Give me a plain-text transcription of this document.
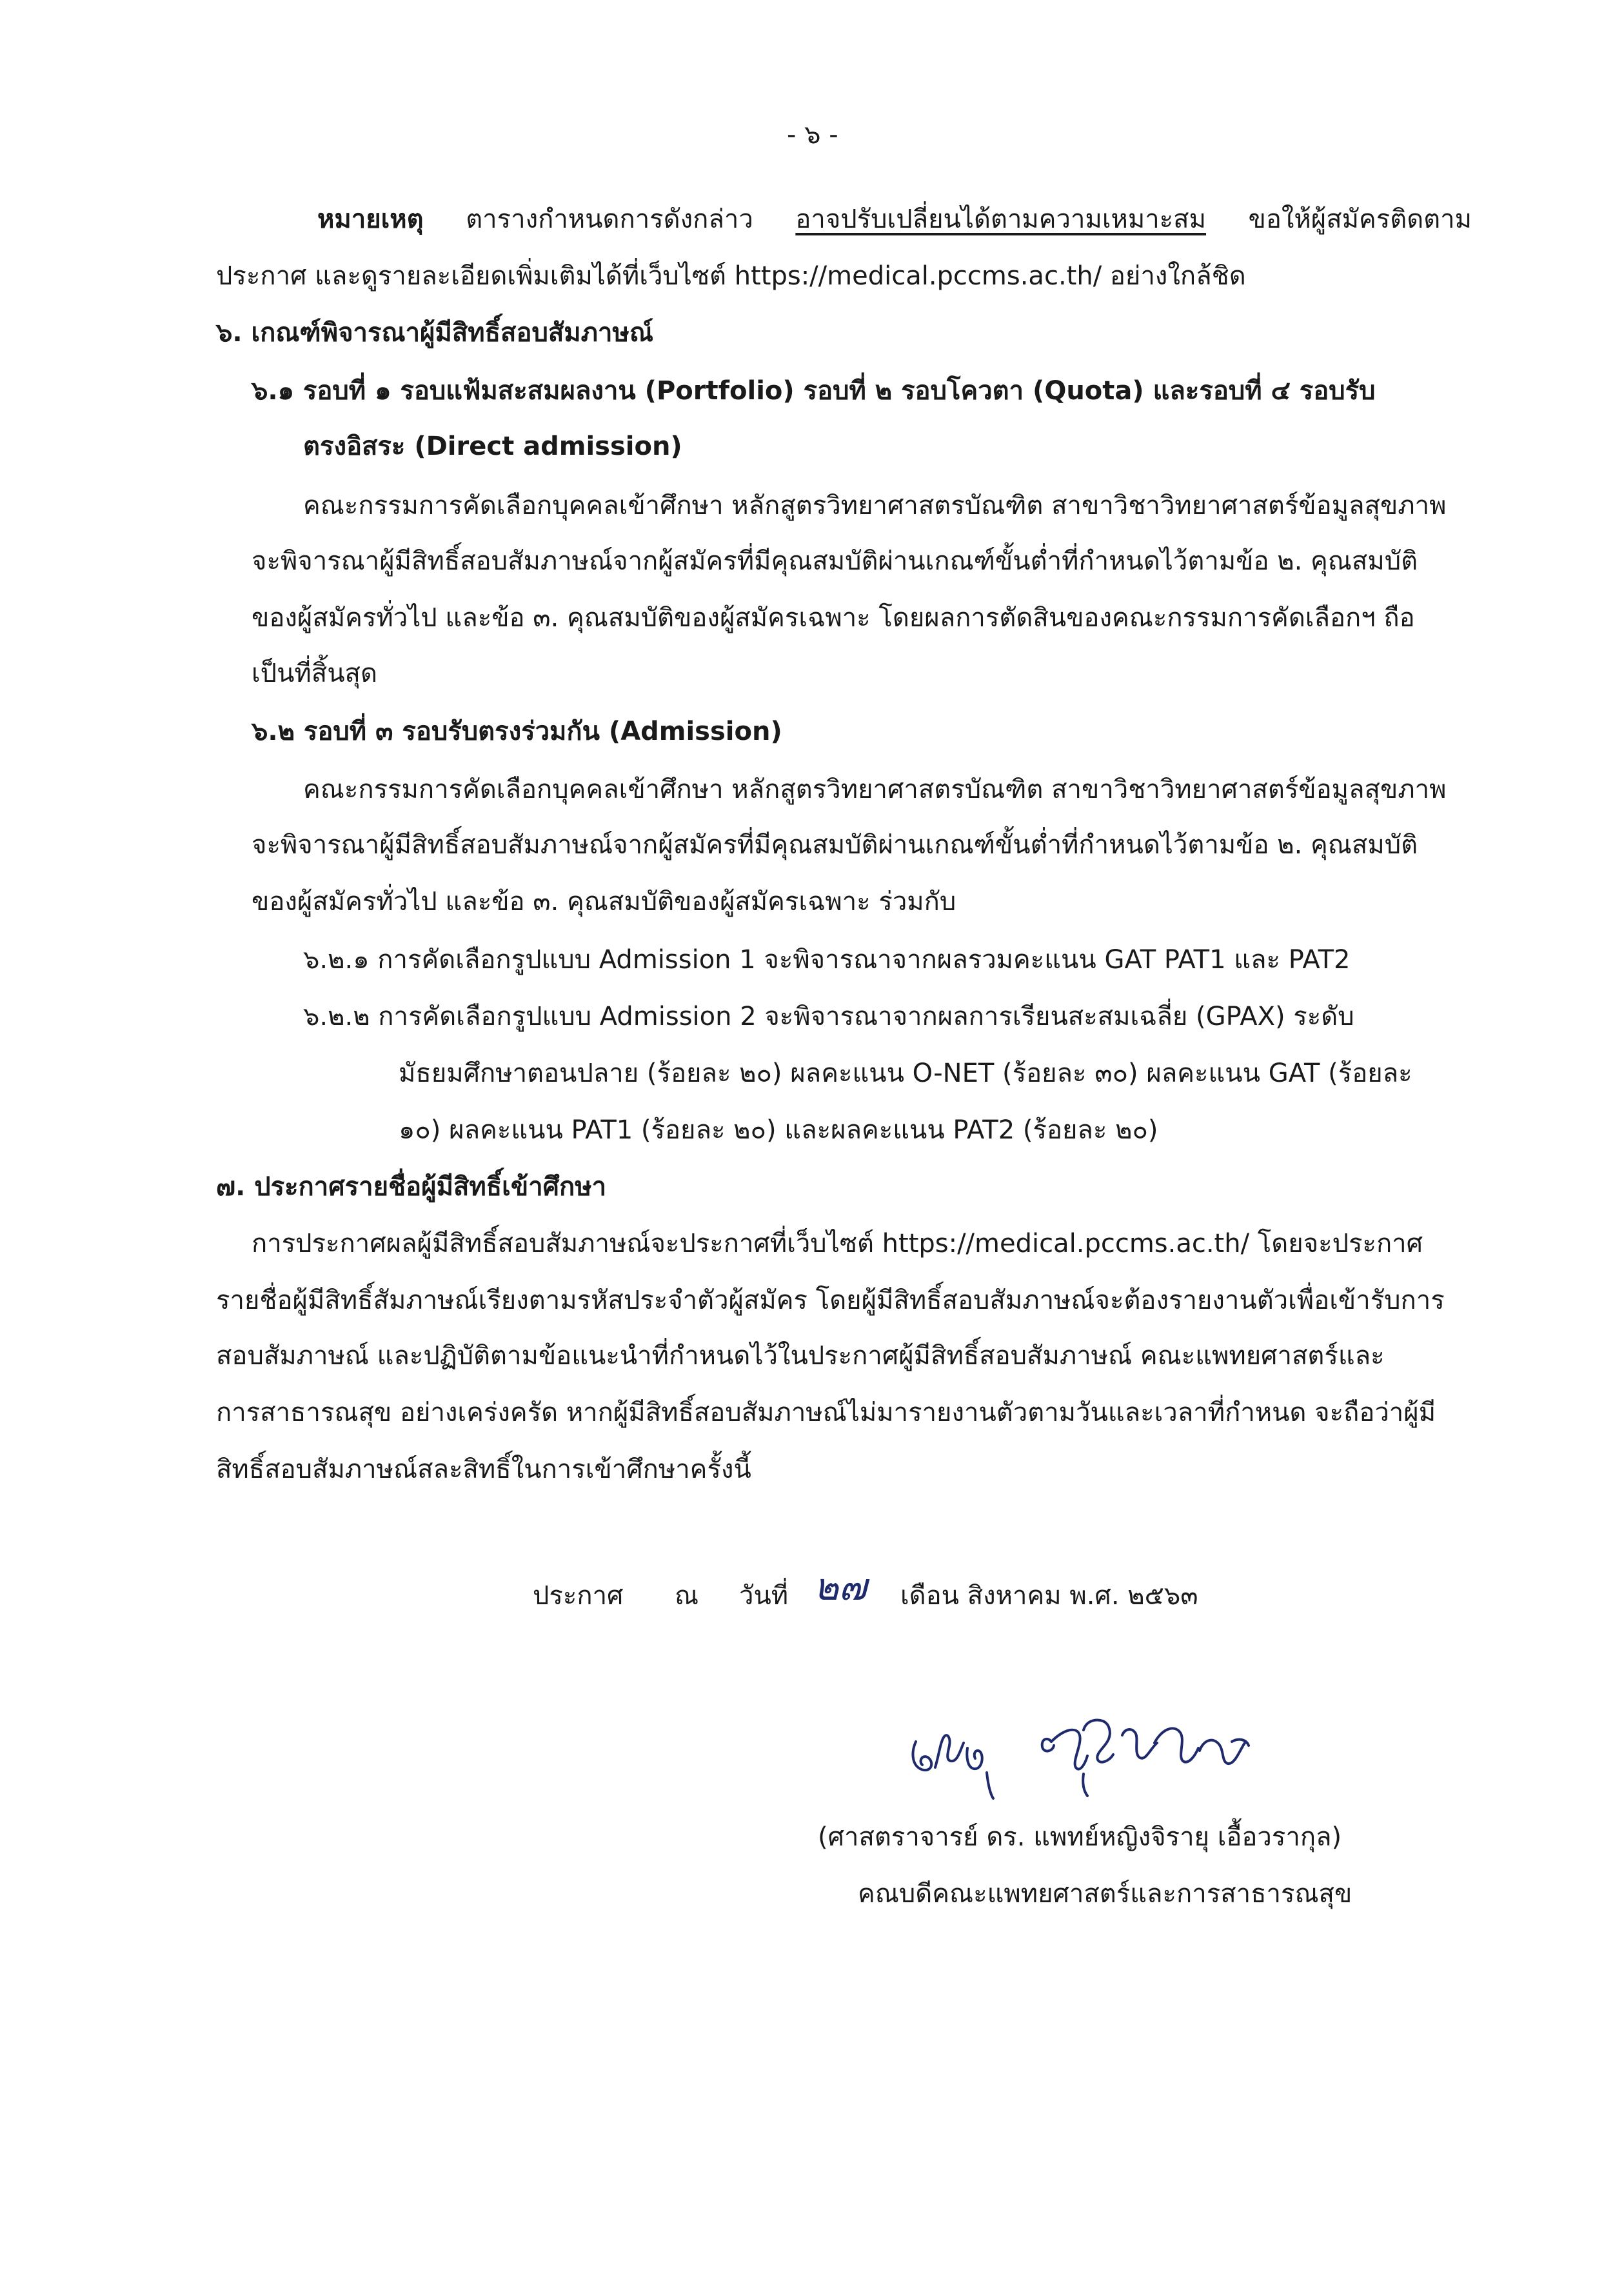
- ๖ -
หมายเหตุ ตารางกำหนดการดังกล่าว อาจปรับเปลี่ยนได้ตามความเหมาะสม ขอให้ผู้สมัครติดตาม
ประกาศ และดูรายละเอียดเพิ่มเติมได้ที่เว็บไซต์ https://medical.pccms.ac.th/ อย่างใกล้ชิด
๖. เกณฑ์พิจารณาผู้มีสิทธิ์สอบสัมภาษณ์
๖.๑ รอบที่ ๑ รอบแฟ้มสะสมผลงาน (Portfolio) รอบที่ ๒ รอบโควตา (Quota) และรอบที่ ๔ รอบรับ
ตรงอิสระ (Direct admission)
คณะกรรมการคัดเลือกบุคคลเข้าศึกษา หลักสูตรวิทยาศาสตรบัณฑิต สาขาวิชาวิทยาศาสตร์ข้อมูลสุขภาพ
จะพิจารณาผู้มีสิทธิ์สอบสัมภาษณ์จากผู้สมัครที่มีคุณสมบัติผ่านเกณฑ์ขั้นต่ำที่กำหนดไว้ตามข้อ ๒. คุณสมบัติ
ของผู้สมัครทั่วไป และข้อ ๓. คุณสมบัติของผู้สมัครเฉพาะ โดยผลการตัดสินของคณะกรรมการคัดเลือกฯ ถือ
เป็นที่สิ้นสุด
๖.๒ รอบที่ ๓ รอบรับตรงร่วมกัน (Admission)
คณะกรรมการคัดเลือกบุคคลเข้าศึกษา หลักสูตรวิทยาศาสตรบัณฑิต สาขาวิชาวิทยาศาสตร์ข้อมูลสุขภาพ
จะพิจารณาผู้มีสิทธิ์สอบสัมภาษณ์จากผู้สมัครที่มีคุณสมบัติผ่านเกณฑ์ขั้นต่ำที่กำหนดไว้ตามข้อ ๒. คุณสมบัติ
ของผู้สมัครทั่วไป และข้อ ๓. คุณสมบัติของผู้สมัครเฉพาะ ร่วมกับ
๖.๒.๑ การคัดเลือกรูปแบบ Admission 1 จะพิจารณาจากผลรวมคะแนน GAT PAT1 และ PAT2
๖.๒.๒ การคัดเลือกรูปแบบ Admission 2 จะพิจารณาจากผลการเรียนสะสมเฉลี่ย (GPAX) ระดับ
มัธยมศึกษาตอนปลาย (ร้อยละ ๒๐) ผลคะแนน O-NET (ร้อยละ ๓๐) ผลคะแนน GAT (ร้อยละ
๑๐) ผลคะแนน PAT1 (ร้อยละ ๒๐) และผลคะแนน PAT2 (ร้อยละ ๒๐)
๗. ประกาศรายชื่อผู้มีสิทธิ์เข้าศึกษา
การประกาศผลผู้มีสิทธิ์สอบสัมภาษณ์จะประกาศที่เว็บไซต์ https://medical.pccms.ac.th/ โดยจะประกาศ
รายชื่อผู้มีสิทธิ์สัมภาษณ์เรียงตามรหัสประจำตัวผู้สมัคร โดยผู้มีสิทธิ์สอบสัมภาษณ์จะต้องรายงานตัวเพื่อเข้ารับการ
สอบสัมภาษณ์ และปฏิบัติตามข้อแนะนำที่กำหนดไว้ในประกาศผู้มีสิทธิ์สอบสัมภาษณ์ คณะแพทยศาสตร์และ
การสาธารณสุข อย่างเคร่งครัด หากผู้มีสิทธิ์สอบสัมภาษณ์ไม่มารายงานตัวตามวันและเวลาที่กำหนด จะถือว่าผู้มี
สิทธิ์สอบสัมภาษณ์สละสิทธิ์ในการเข้าศึกษาครั้งนี้
ประกาศ ณ วันที่ ๒๗ เดือน สิงหาคม พ.ศ. ๒๕๖๓
(ศาสตราจารย์ ดร. แพทย์หญิงจิรายุ เอื้อวรากุล)
คณบดีคณะแพทยศาสตร์และการสาธารณสุข
